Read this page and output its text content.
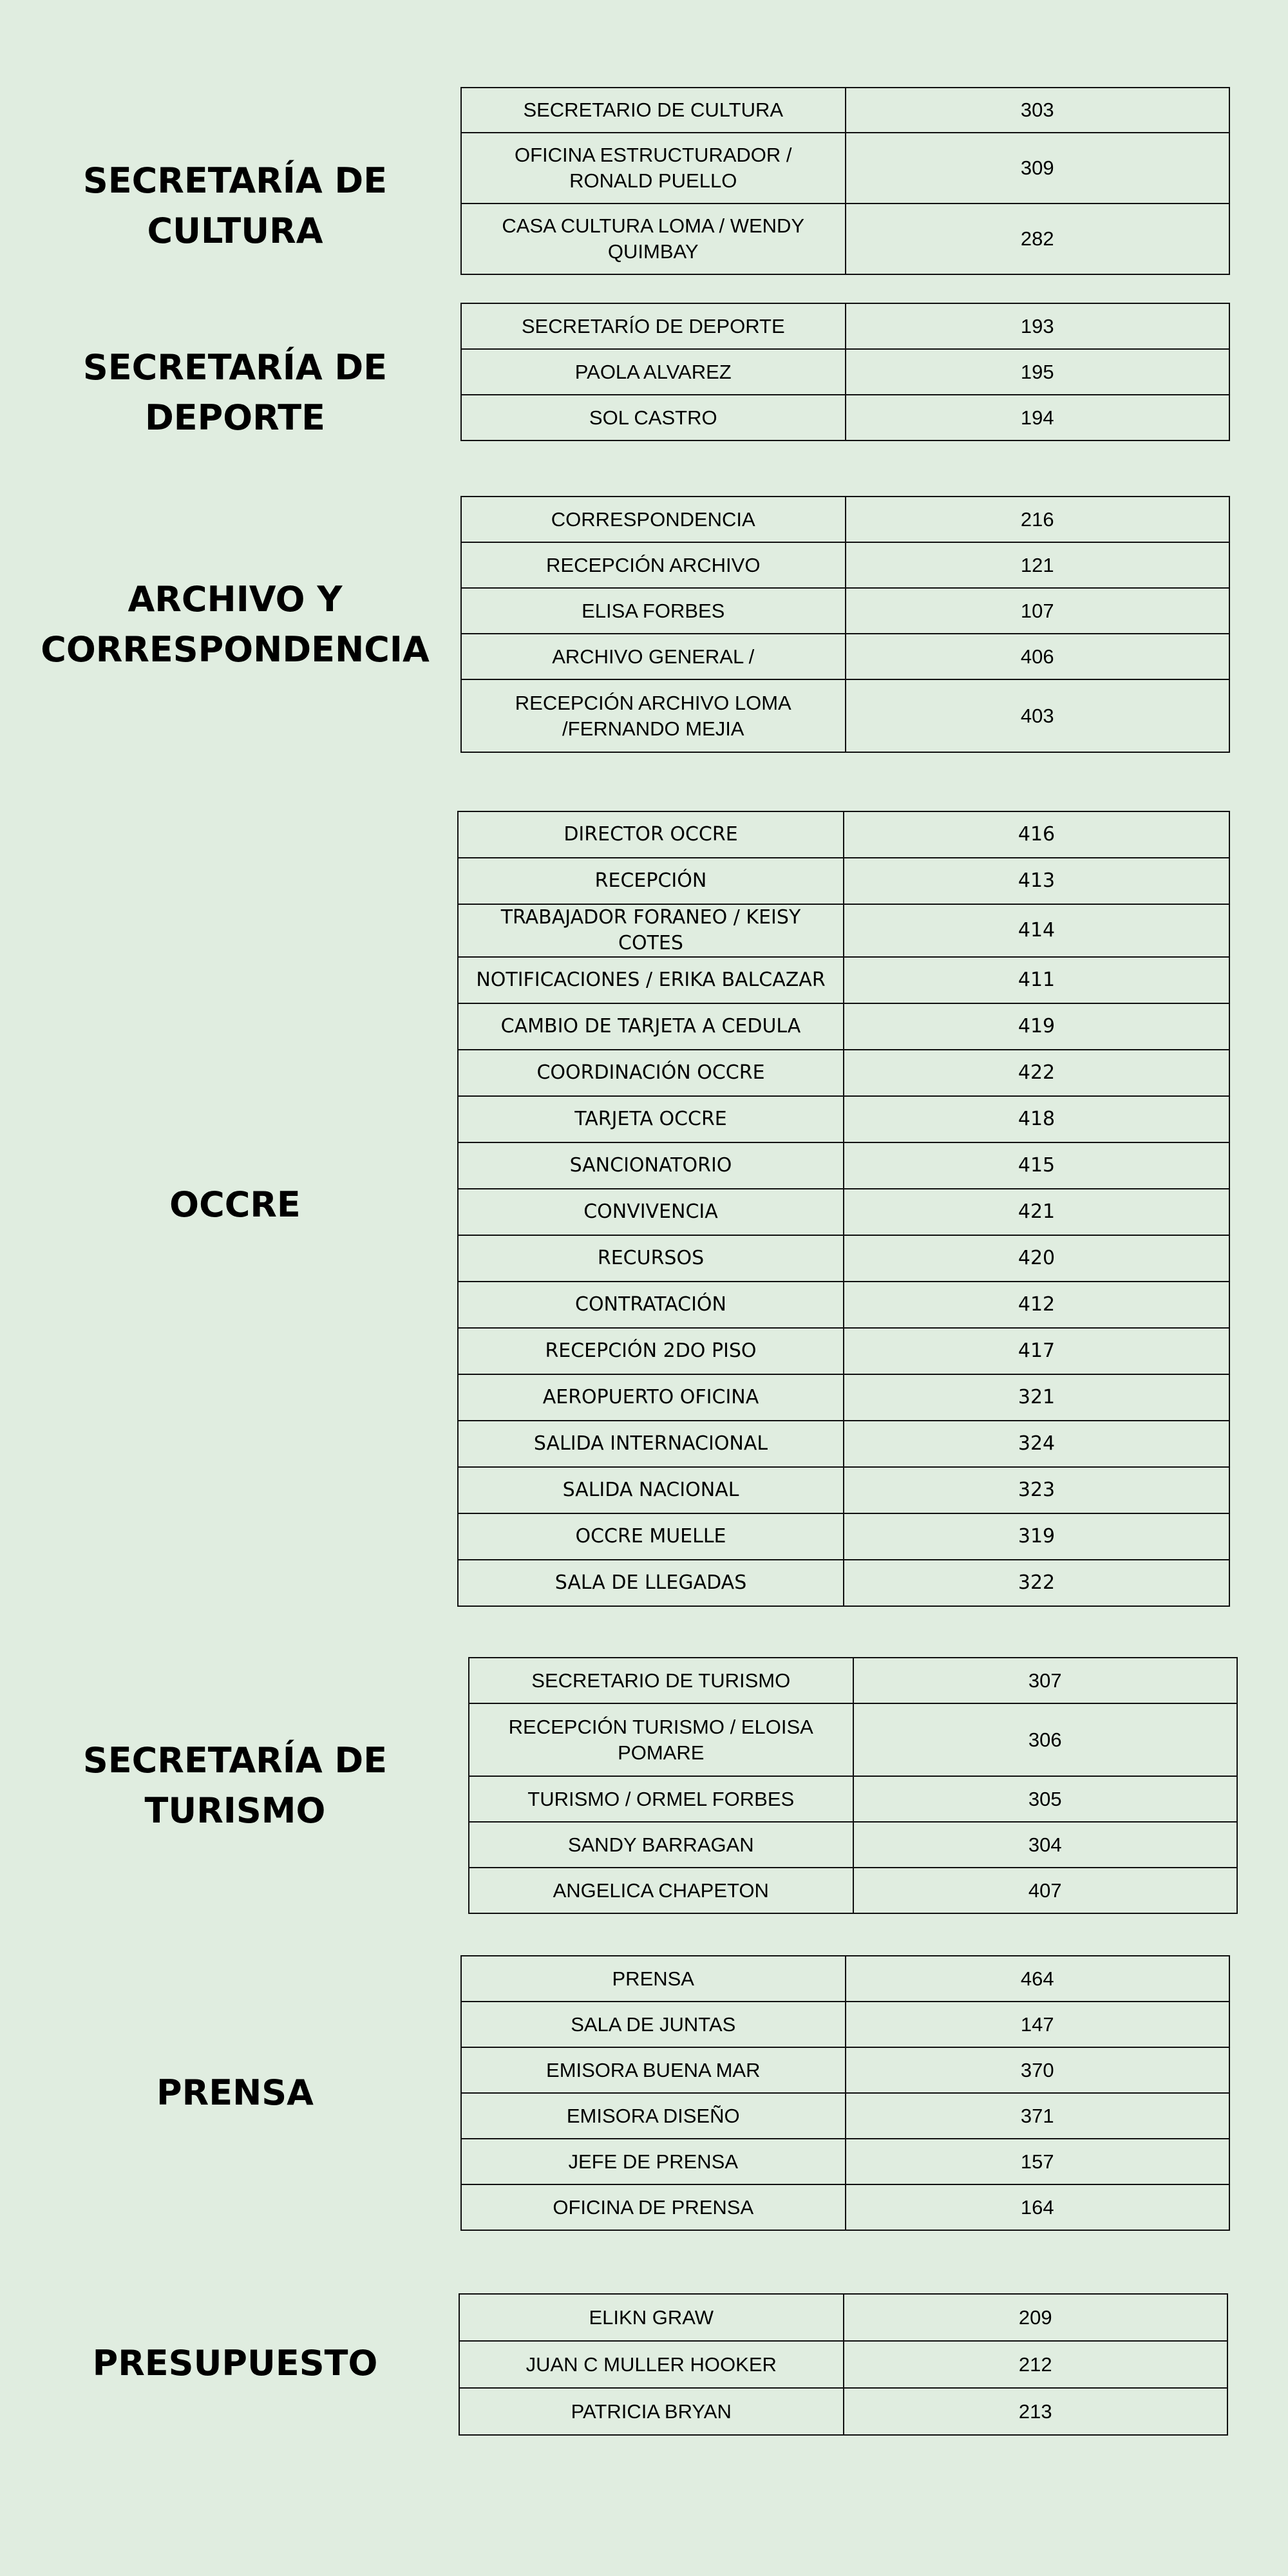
SECRETARÍA DE
CULTURA
SECRETARIO DE CULTURA	303
OFICINA ESTRUCTURADOR / RONALD PUELLO	309
CASA CULTURA LOMA / WENDY QUIMBAY	282
SECRETARÍA DE
DEPORTE
SECRETARÍO DE DEPORTE	193
PAOLA ALVAREZ	195
SOL CASTRO	194
ARCHIVO Y
CORRESPONDENCIA
CORRESPONDENCIA	216
RECEPCIÓN ARCHIVO	121
ELISA FORBES	107
ARCHIVO GENERAL /	406
RECEPCIÓN ARCHIVO LOMA /FERNANDO MEJIA	403
OCCRE
DIRECTOR OCCRE	416
RECEPCIÓN	413
TRABAJADOR FORANEO / KEISY COTES	414
NOTIFICACIONES / ERIKA BALCAZAR	411
CAMBIO DE TARJETA A CEDULA	419
COORDINACIÓN OCCRE	422
TARJETA OCCRE	418
SANCIONATORIO	415
CONVIVENCIA	421
RECURSOS	420
CONTRATACIÓN	412
RECEPCIÓN 2DO PISO	417
AEROPUERTO OFICINA	321
SALIDA INTERNACIONAL	324
SALIDA NACIONAL	323
OCCRE MUELLE	319
SALA DE LLEGADAS	322
SECRETARÍA DE
TURISMO
SECRETARIO DE TURISMO	307
RECEPCIÓN TURISMO / ELOISA POMARE	306
TURISMO / ORMEL FORBES	305
SANDY BARRAGAN	304
ANGELICA CHAPETON	407
PRENSA
PRENSA	464
SALA DE JUNTAS	147
EMISORA BUENA MAR	370
EMISORA DISEÑO	371
JEFE DE PRENSA	157
OFICINA DE PRENSA	164
PRESUPUESTO
ELIKN GRAW	209
JUAN C MULLER HOOKER	212
PATRICIA BRYAN	213
